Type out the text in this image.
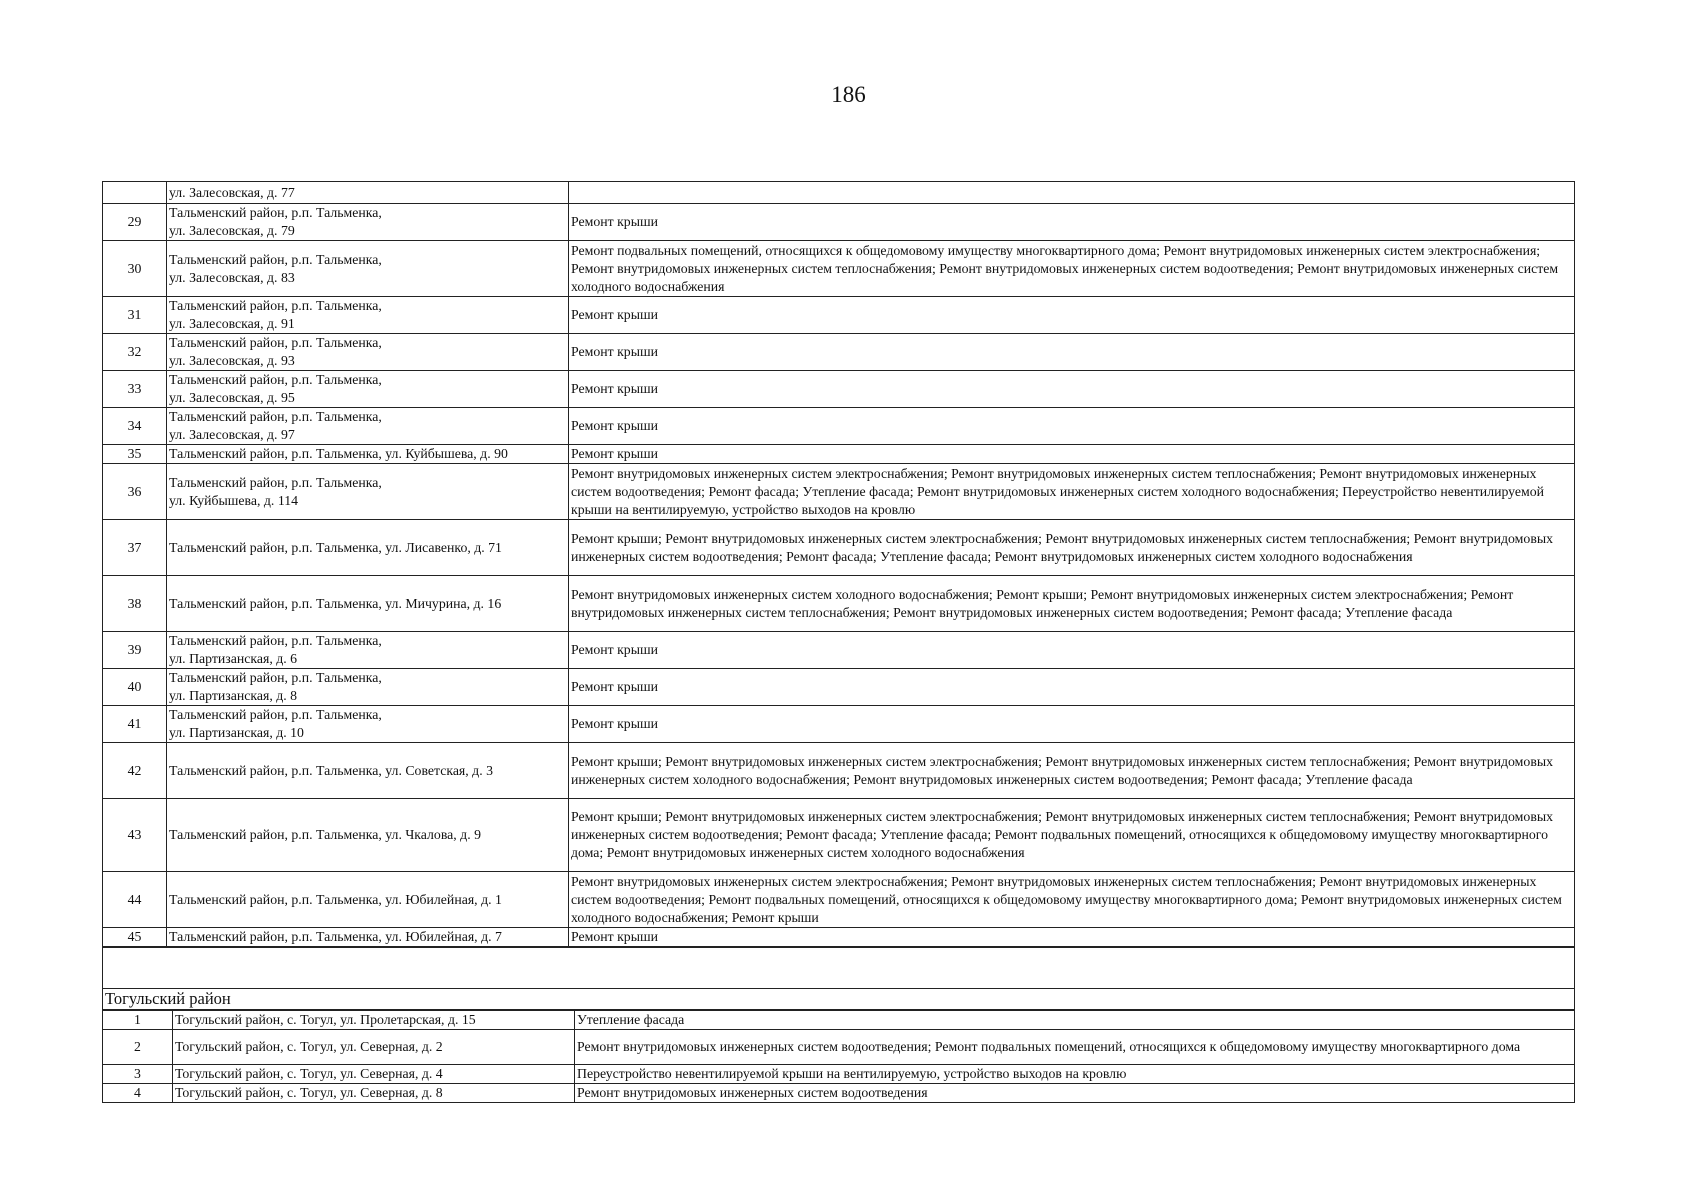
186
	ул. Залесовская, д. 77	
29	Тальменский район, р.п. Тальменка,
ул. Залесовская, д. 79	Ремонт крыши
30	Тальменский район, р.п. Тальменка,
ул. Залесовская, д. 83	Ремонт подвальных помещений, относящихся к общедомовому имуществу многоквартирного дома; Ремонт внутридомовых инженерных систем электроснабжения; Ремонт внутридомовых инженерных систем теплоснабжения; Ремонт внутридомовых инженерных систем водоотведения; Ремонт внутридомовых инженерных систем холодного водоснабжения
31	Тальменский район, р.п. Тальменка,
ул. Залесовская, д. 91	Ремонт крыши
32	Тальменский район, р.п. Тальменка,
ул. Залесовская, д. 93	Ремонт крыши
33	Тальменский район, р.п. Тальменка,
ул. Залесовская, д. 95	Ремонт крыши
34	Тальменский район, р.п. Тальменка,
ул. Залесовская, д. 97	Ремонт крыши
35	Тальменский район, р.п. Тальменка, ул. Куйбышева, д. 90	Ремонт крыши
36	Тальменский район, р.п. Тальменка,
ул. Куйбышева, д. 114	Ремонт внутридомовых инженерных систем электроснабжения; Ремонт внутридомовых инженерных систем теплоснабжения; Ремонт внутридомовых инженерных систем водоотведения; Ремонт фасада; Утепление фасада; Ремонт внутридомовых инженерных систем холодного водоснабжения; Переустройство невентилируемой крыши на вентилируемую, устройство выходов на кровлю
37	Тальменский район, р.п. Тальменка, ул. Лисавенко, д. 71	Ремонт крыши; Ремонт внутридомовых инженерных систем электроснабжения; Ремонт внутридомовых инженерных систем теплоснабжения; Ремонт внутридомовых инженерных систем водоотведения; Ремонт фасада; Утепление фасада; Ремонт внутридомовых инженерных систем холодного водоснабжения
38	Тальменский район, р.п. Тальменка, ул. Мичурина, д. 16	Ремонт внутридомовых инженерных систем холодного водоснабжения; Ремонт крыши; Ремонт внутридомовых инженерных систем электроснабжения; Ремонт внутридомовых инженерных систем теплоснабжения; Ремонт внутридомовых инженерных систем водоотведения; Ремонт фасада; Утепление фасада
39	Тальменский район, р.п. Тальменка,
ул. Партизанская, д. 6	Ремонт крыши
40	Тальменский район, р.п. Тальменка,
ул. Партизанская, д. 8	Ремонт крыши
41	Тальменский район, р.п. Тальменка,
ул. Партизанская, д. 10	Ремонт крыши
42	Тальменский район, р.п. Тальменка, ул. Советская, д. 3	Ремонт крыши; Ремонт внутридомовых инженерных систем электроснабжения; Ремонт внутридомовых инженерных систем теплоснабжения; Ремонт внутридомовых инженерных систем холодного водоснабжения; Ремонт внутридомовых инженерных систем водоотведения; Ремонт фасада; Утепление фасада
43	Тальменский район, р.п. Тальменка, ул. Чкалова, д. 9	Ремонт крыши; Ремонт внутридомовых инженерных систем электроснабжения; Ремонт внутридомовых инженерных систем теплоснабжения; Ремонт внутридомовых инженерных систем водоотведения; Ремонт фасада; Утепление фасада; Ремонт подвальных помещений, относящихся к общедомовому имуществу многоквартирного дома; Ремонт внутридомовых инженерных систем холодного водоснабжения
44	Тальменский район, р.п. Тальменка, ул. Юбилейная, д. 1	Ремонт внутридомовых инженерных систем электроснабжения; Ремонт внутридомовых инженерных систем теплоснабжения; Ремонт внутридомовых инженерных систем водоотведения; Ремонт подвальных помещений, относящихся к общедомовому имуществу многоквартирного дома; Ремонт внутридомовых инженерных систем холодного водоснабжения; Ремонт крыши
45	Тальменский район, р.п. Тальменка, ул. Юбилейная, д. 7	Ремонт крыши

Тогульский район
1	Тогульский район, с. Тогул, ул. Пролетарская, д. 15	Утепление фасада
2	Тогульский район, с. Тогул, ул. Северная, д. 2	Ремонт внутридомовых инженерных систем водоотведения; Ремонт подвальных помещений, относящихся к общедомовому имуществу многоквартирного дома
3	Тогульский район, с. Тогул, ул. Северная, д. 4	Переустройство невентилируемой крыши на вентилируемую, устройство выходов на кровлю
4	Тогульский район, с. Тогул, ул. Северная, д. 8	Ремонт внутридомовых инженерных систем водоотведения
